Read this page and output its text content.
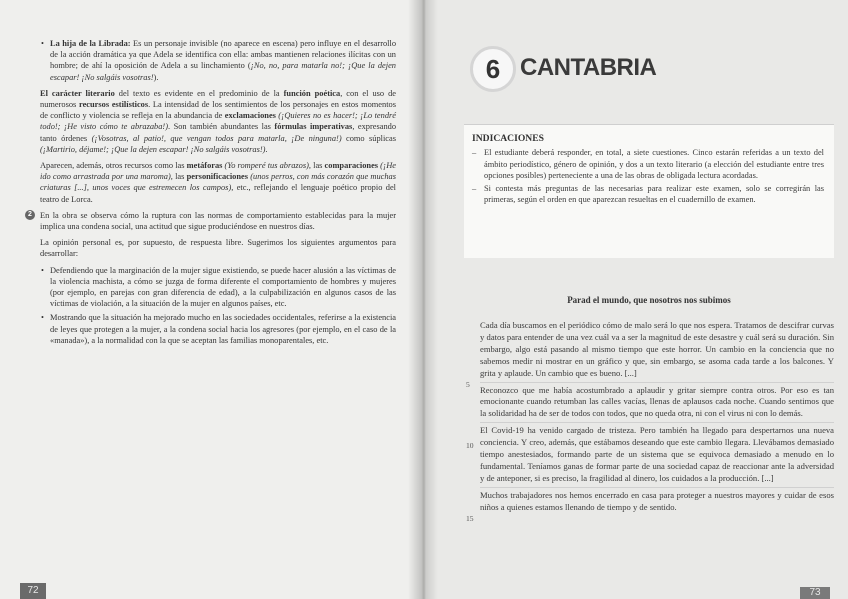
• La hija de la Librada: Es un personaje invisible (no aparece en escena) pero influye en el desarrollo de la acción dramática ya que Adela se identifica con ella: ambas mantienen relaciones ilícitas con un hombre; de ahí la oposición de Adela a su linchamiento (¡No, no, para matarla no!; ¡Que la dejen escapar! ¡No salgáis vosotras!).

El carácter literario del texto es evidente en el predominio de la función poética, con el uso de numerosos recursos estilísticos. La intensidad de los sentimientos de los personajes en estos momentos de conflicto y violencia se refleja en la abundancia de exclamaciones (¡Quieres no es hacer!; ¡Lo tendré todo!; ¡He visto cómo te abrazaba!). Son también abundantes las fórmulas imperativas, expresando tanto órdenes (¡Vosotras, al patio!, que vengan todos para matarla, ¡De ninguna!) como súplicas (¡Martirio, déjame!; ¡Que la dejen escapar! ¡No salgáis vosotras!).

Aparecen, además, otros recursos como las metáforas (Yo romperé tus abrazos), las comparaciones (¡He ido como arrastrada por una maroma), las personificaciones (unos perros, con más corazón que muchas criaturas [...], unos voces que estremecen los campos), etc., reflejando el lenguaje poético propio del teatro de Lorca.

2 En la obra se observa cómo la ruptura con las normas de comportamiento establecidas para la mujer implica una condena social, una actitud que sigue produciéndose en nuestros días.

La opinión personal es, por supuesto, de respuesta libre. Sugerimos los siguientes argumentos para desarrollar:

• Defendiendo que la marginación de la mujer sigue existiendo, se puede hacer alusión a las víctimas de la violencia machista, a cómo se juzga de forma diferente el comportamiento de hombres y mujeres (por ejemplo, en parejas con gran diferencia de edad), a la culpabilización en algunos casos de las víctimas de violación, a la situación de la mujer en algunos países, etc.
• Mostrando que la situación ha mejorado mucho en las sociedades occidentales, referirse a la existencia de leyes que protegen a la mujer, a la condena social hacia los agresores (por ejemplo, en el caso de la «manada»), a la normalidad con la que se aceptan las familias monoparentales, etc.
72
6 CANTABRIA
INDICACIONES
– El estudiante deberá responder, en total, a siete cuestiones. Cinco estarán referidas a un texto del ámbito periodístico, género de opinión, y dos a un texto literario (a elección del estudiante entre tres opciones posibles) perteneciente a una de las obras de obligada lectura acordadas.
– Si contesta más preguntas de las necesarias para realizar este examen, solo se corregirán las primeras, según el orden en que aparezcan resueltas en el cuadernillo de examen.
Parad el mundo, que nosotros nos subimos
5
10
15

Cada día buscamos en el periódico cómo de malo será lo que nos espera. Tratamos de descifrar curvas y datos para entender de una vez cuál va a ser la magnitud de este desastre y cuál será su duración. Sin embargo, algo está pasando al mismo tiempo que este horror. Un cambio en la conciencia que no sabemos medir ni mostrar en un gráfico y que, sin embargo, se asoma cada tarde a los balcones. Y grita y aplaude. Un cambio que es bueno. [...]

Reconozco que me había acostumbrado a aplaudir y gritar siempre contra otros. Por eso es tan emocionante cuando retumban las calles vacías, llenas de aplausos cada noche. Cuando sentimos que la solidaridad ha de ser de todos con todos, que no queda otra, ni con el virus ni con lo demás.

El Covid-19 ha venido cargado de tristeza. Pero también ha llegado para despertarnos una nueva conciencia. Y creo, además, que estábamos deseando que este cambio llegara. Llevábamos demasiado tiempo anestesiados, formando parte de un sistema que se equivoca demasiado a menudo en lo fundamental. Teníamos ganas de formar parte de una sociedad capaz de reaccionar ante la adversidad y de anteponer, si es preciso, la fragilidad al dinero, los cuidados a la producción. [...]

Muchos trabajadores nos hemos encerrado en casa para proteger a nuestros mayores y cuidar de esos niños a quienes estamos llenando de tiempo y de sentido.

73
